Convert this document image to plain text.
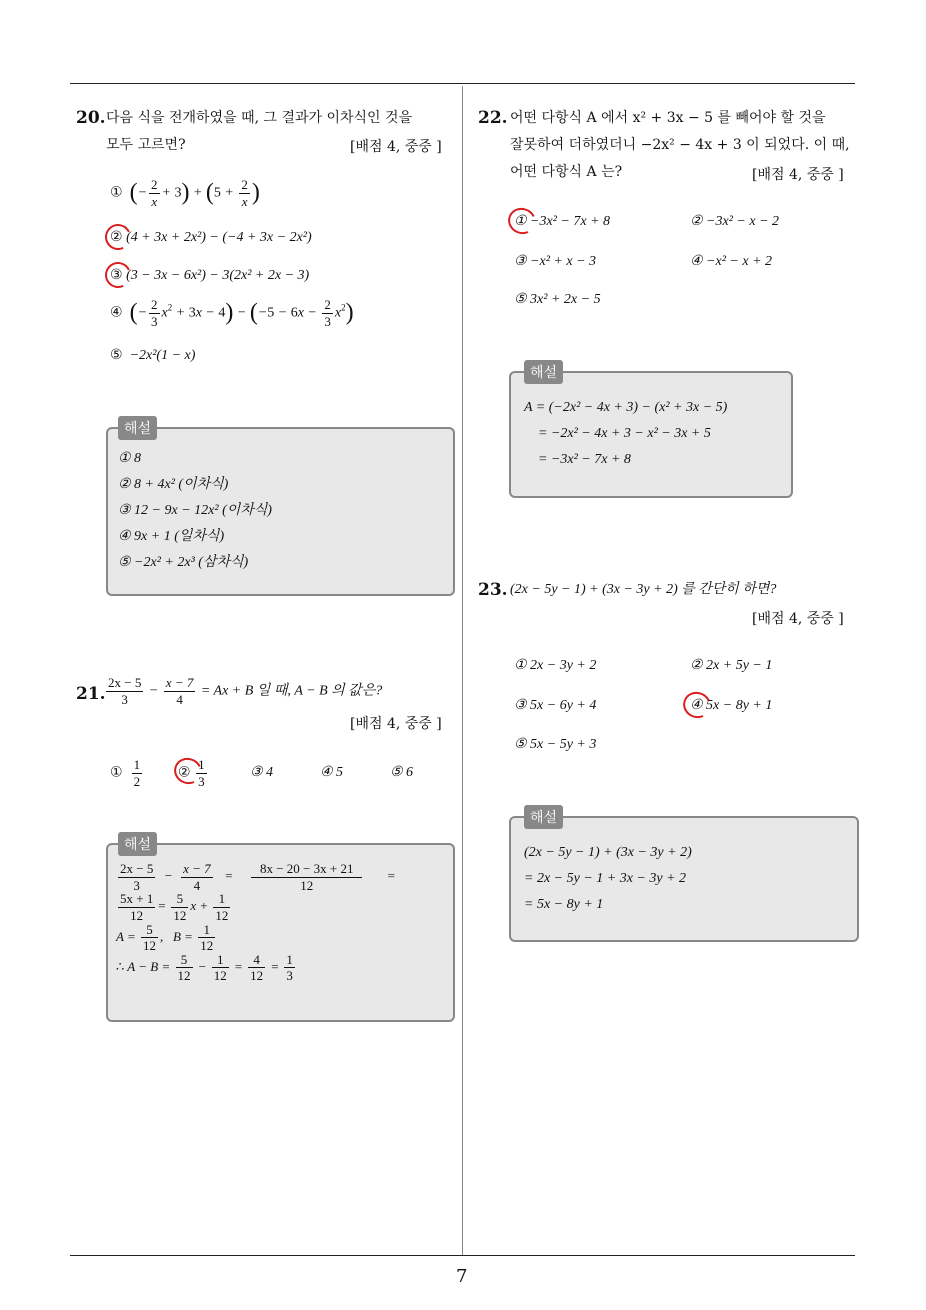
7
20. 다음 식을 전개하였을 때, 그 결과가 이차식인 것을
모두 고르면?	[배점 4, 중중 ]
① (− $\frac{2}{x} + 3) + (5 + \frac{2}{x}$ )
② (4 + 3x + 2x²) − (−4 + 3x − 2x²)
③ (3 − 3x − 6x²) − 3(2x² + 2x − 3)
④ (− $\frac{2}{3} x^2 + 3x - 4) - (-5 - 6x - \frac{2}{3} x^2)$
⑤ −2x²(1 − x)
해설
① 8
② 8 + 4x² (이차식)
③ 12 − 9x − 12x² (이차식)
④ 9x + 1 (일차식)
⑤ −2x² + 2x³ (삼차식)
21. $\frac{2x - 5}{3} - \frac{x - 7}{4} = Ax + B$ 일 때, A − B 의 값은?
[배점 4, 중중 ]
① $\frac{1}{2}$	② $\frac{1}{3}$	③ 4	④ 5	⑤ 6
해설
$\frac{2x - 5}{3} - \frac{x - 7}{4} = \frac{8x - 20 - 3x + 21}{12}$ =
$\frac{5x + 1}{12} = \frac{5}{12}$ $x + \frac{1}{12}$
$A = \frac{5}{12}$ ,   $B = \frac{1}{12}$
∴ $A - B = \frac{5}{12} - \frac{1}{12} = \frac{4}{12} = \frac{1}{3}$
22. 어떤 다항식 A 에서 x² + 3x − 5 를 빼어야 할 것을
잘못하여 더하였더니 −2x² − 4x + 3 이 되었다. 이 때,
어떤 다항식 A 는?	[배점 4, 중중 ]
① −3x² − 7x + 8	② −3x² − x − 2
③ −x² + x − 3	④ −x² − x + 2
⑤ 3x² + 2x − 5
해설
A = (−2x² − 4x + 3) − (x² + 3x − 5)
= −2x² − 4x + 3 − x² − 3x + 5
= −3x² − 7x + 8
23. (2x − 5y − 1) + (3x − 3y + 2) 를 간단히 하면?
[배점 4, 중중 ]
① 2x − 3y + 2	② 2x + 5y − 1
③ 5x − 6y + 4	④ 5x − 8y + 1
⑤ 5x − 5y + 3
해설
(2x − 5y − 1) + (3x − 3y + 2)
= 2x − 5y − 1 + 3x − 3y + 2
= 5x − 8y + 1
